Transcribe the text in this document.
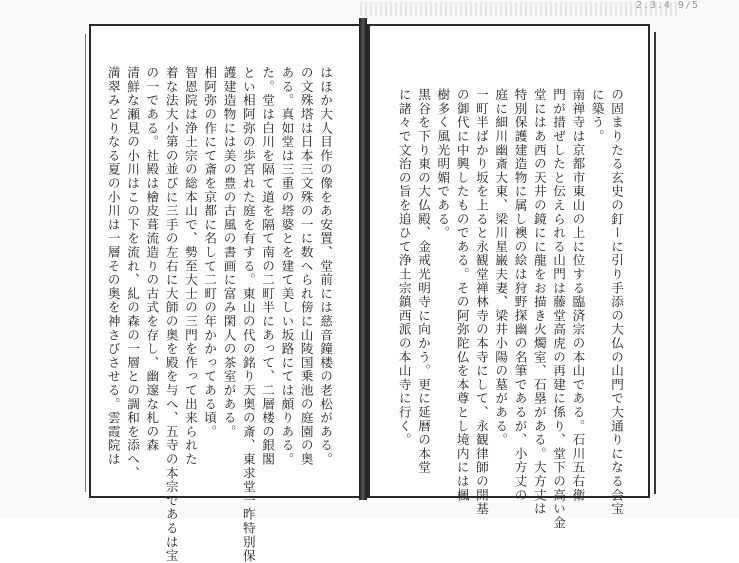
2.3.4 9/5
はほか大人目作の像をあ安置、堂前には慈音鐘楼の老松がある。
の文殊塔は日本三文殊の一に数へられ傍に山陵国乗池の庭園の奥
ある。真如堂は三重の塔婆とを建て美しい坂路にては頗りある。
た。堂は白川を隔て道を隔て南の二町半にあって、二層楼の銀閣
とい相阿弥の歩宮れた庭を有する。東山の代の銘り天奥の斎、東求堂一昨特別保
護建造物には美の豊の古風の書画に富み閑人の茶室がある。
相阿弥の作にて斎を京都に名して二町の年かかってある頃。
智恩院は浄土宗の総本山で、勢至大士の三門を作って出来られた
着な法大小第の並びに三手の左右に大師の奥を殿を与へ、五寺の本宗であるは宝
の一である。社殿は檜皮葺流造りの古式を存し、幽邃な札の森
清鮮な瀬見の小川はこの下を流れ、糺の森の一層との調和を添へ、
満翠みどりなる夏の小川は一層その奥を神さびさせる。雲霞院は	の固まりたる玄史の釘ーに引り手添の大仏の山門で大通りになる会宝
に築う。
南禅寺は京都市東山の上に位する臨済宗の本山である。石川五右衛
門が措ぜしたと伝えられる山門は藤堂高虎の再建に係り、堂下の高い金
堂にはあ西の天井の鏡にに龍をお描き火燭室、石塁がある。大方丈は
特別保護建造物に属し襖の絵は狩野探幽の名筆であるが、小方丈の
庭に細川幽斎大東、梁川星巌夫妻、梁井小陽の墓がある。
一町半ばかり坂を上ると永観堂禅林寺の本寺にして、永観律師の開基
の御代に中興したものである。その阿弥陀仏を本尊とし境内には楓
樹多く風光明媚である。
黒谷を下り東の大仏殿、金戒光明寺に向かう。更に延暦の本堂
に諸々で文治の旨を追ひて浄土宗鎮西派の本山寺に行く。
